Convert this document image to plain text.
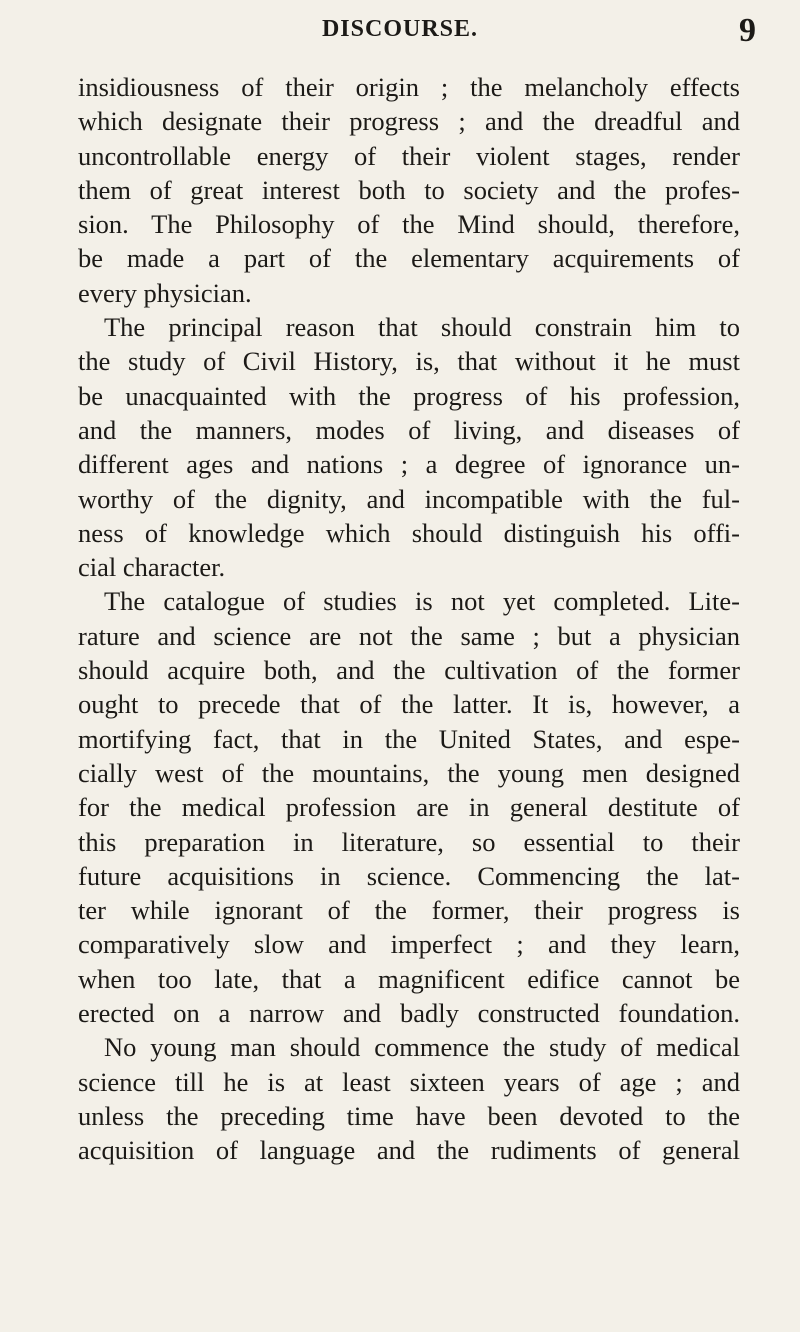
DISCOURSE.	9
insidiousness of their origin ; the melancholy effects
which designate their progress ; and the dreadful and
uncontrollable energy of their violent stages, render
them of great interest both to society and the profes-
sion. The Philosophy of the Mind should, therefore,
be made a part of the elementary acquirements of
every physician.
The principal reason that should constrain him to
the study of Civil History, is, that without it he must
be unacquainted with the progress of his profession,
and the manners, modes of living, and diseases of
different ages and nations ; a degree of ignorance un-
worthy of the dignity, and incompatible with the ful-
ness of knowledge which should distinguish his offi-
cial character.
The catalogue of studies is not yet completed. Lite-
rature and science are not the same ; but a physician
should acquire both, and the cultivation of the former
ought to precede that of the latter. It is, however, a
mortifying fact, that in the United States, and espe-
cially west of the mountains, the young men designed
for the medical profession are in general destitute of
this preparation in literature, so essential to their
future acquisitions in science. Commencing the lat-
ter while ignorant of the former, their progress is
comparatively slow and imperfect ; and they learn,
when too late, that a magnificent edifice cannot be
erected on a narrow and badly constructed foundation.
No young man should commence the study of medical
science till he is at least sixteen years of age ; and
unless the preceding time have been devoted to the
acquisition of language and the rudiments of general
